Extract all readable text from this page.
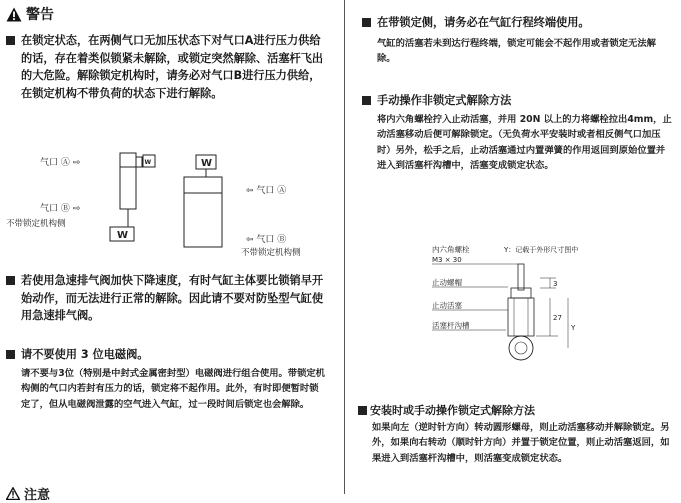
警告
在锁定状态，在两侧气口无加压状态下对气口A进行压力供给的话，存在着类似锁紧未解除，或锁定突然解除、活塞杆飞出的大危险。解除锁定机构时，请务必对气口B进行压力供给，在锁定机构不带负荷的状态下进行解除。
W
W
气口 Ⓐ ⇨
气口 Ⓑ ⇨
不带锁定机构侧
W
⇦ 气口 Ⓐ
⇦ 气口 Ⓑ
不带锁定机构侧
若使用急速排气阀加快下降速度，有时气缸主体要比锁销早开始动作，而无法进行正常的解除。因此请不要对防坠型气缸使用急速排气阀。
请不要使用 3 位电磁阀。
请不要与3位（特别是中封式金属密封型）电磁阀进行组合使用。带锁定机构侧的气口内若封有压力的话，锁定将不起作用。此外，有时即便暂时锁定了，但从电磁阀泄露的空气进入气缸，过一段时间后锁定也会解除。
注意
在带锁定侧，请务必在气缸行程终端使用。
气缸的活塞若未到达行程终端，锁定可能会不起作用或者锁定无法解除。
手动操作非锁定式解除方法
将内六角螺栓拧入止动活塞，并用 20N 以上的力将螺栓拉出4mm，止动活塞移动后便可解除锁定。（无负荷水平安装时或者相反侧气口加压时）另外，松手之后，止动活塞通过内置弹簧的作用返回到原始位置并进入到活塞杆沟槽中，活塞变成锁定状态。
内六角螺栓
M3 × 30
Y：记载于外形尺寸图中
止动螺帽
止动活塞
活塞杆沟槽
3
27
Y
安装时或手动操作锁定式解除方法
如果向左（逆时针方向）转动圆形螺母，则止动活塞移动并解除锁定。另外，如果向右转动（顺时针方向）并置于锁定位置，则止动活塞返回，如果进入到活塞杆沟槽中，则活塞变成锁定状态。
